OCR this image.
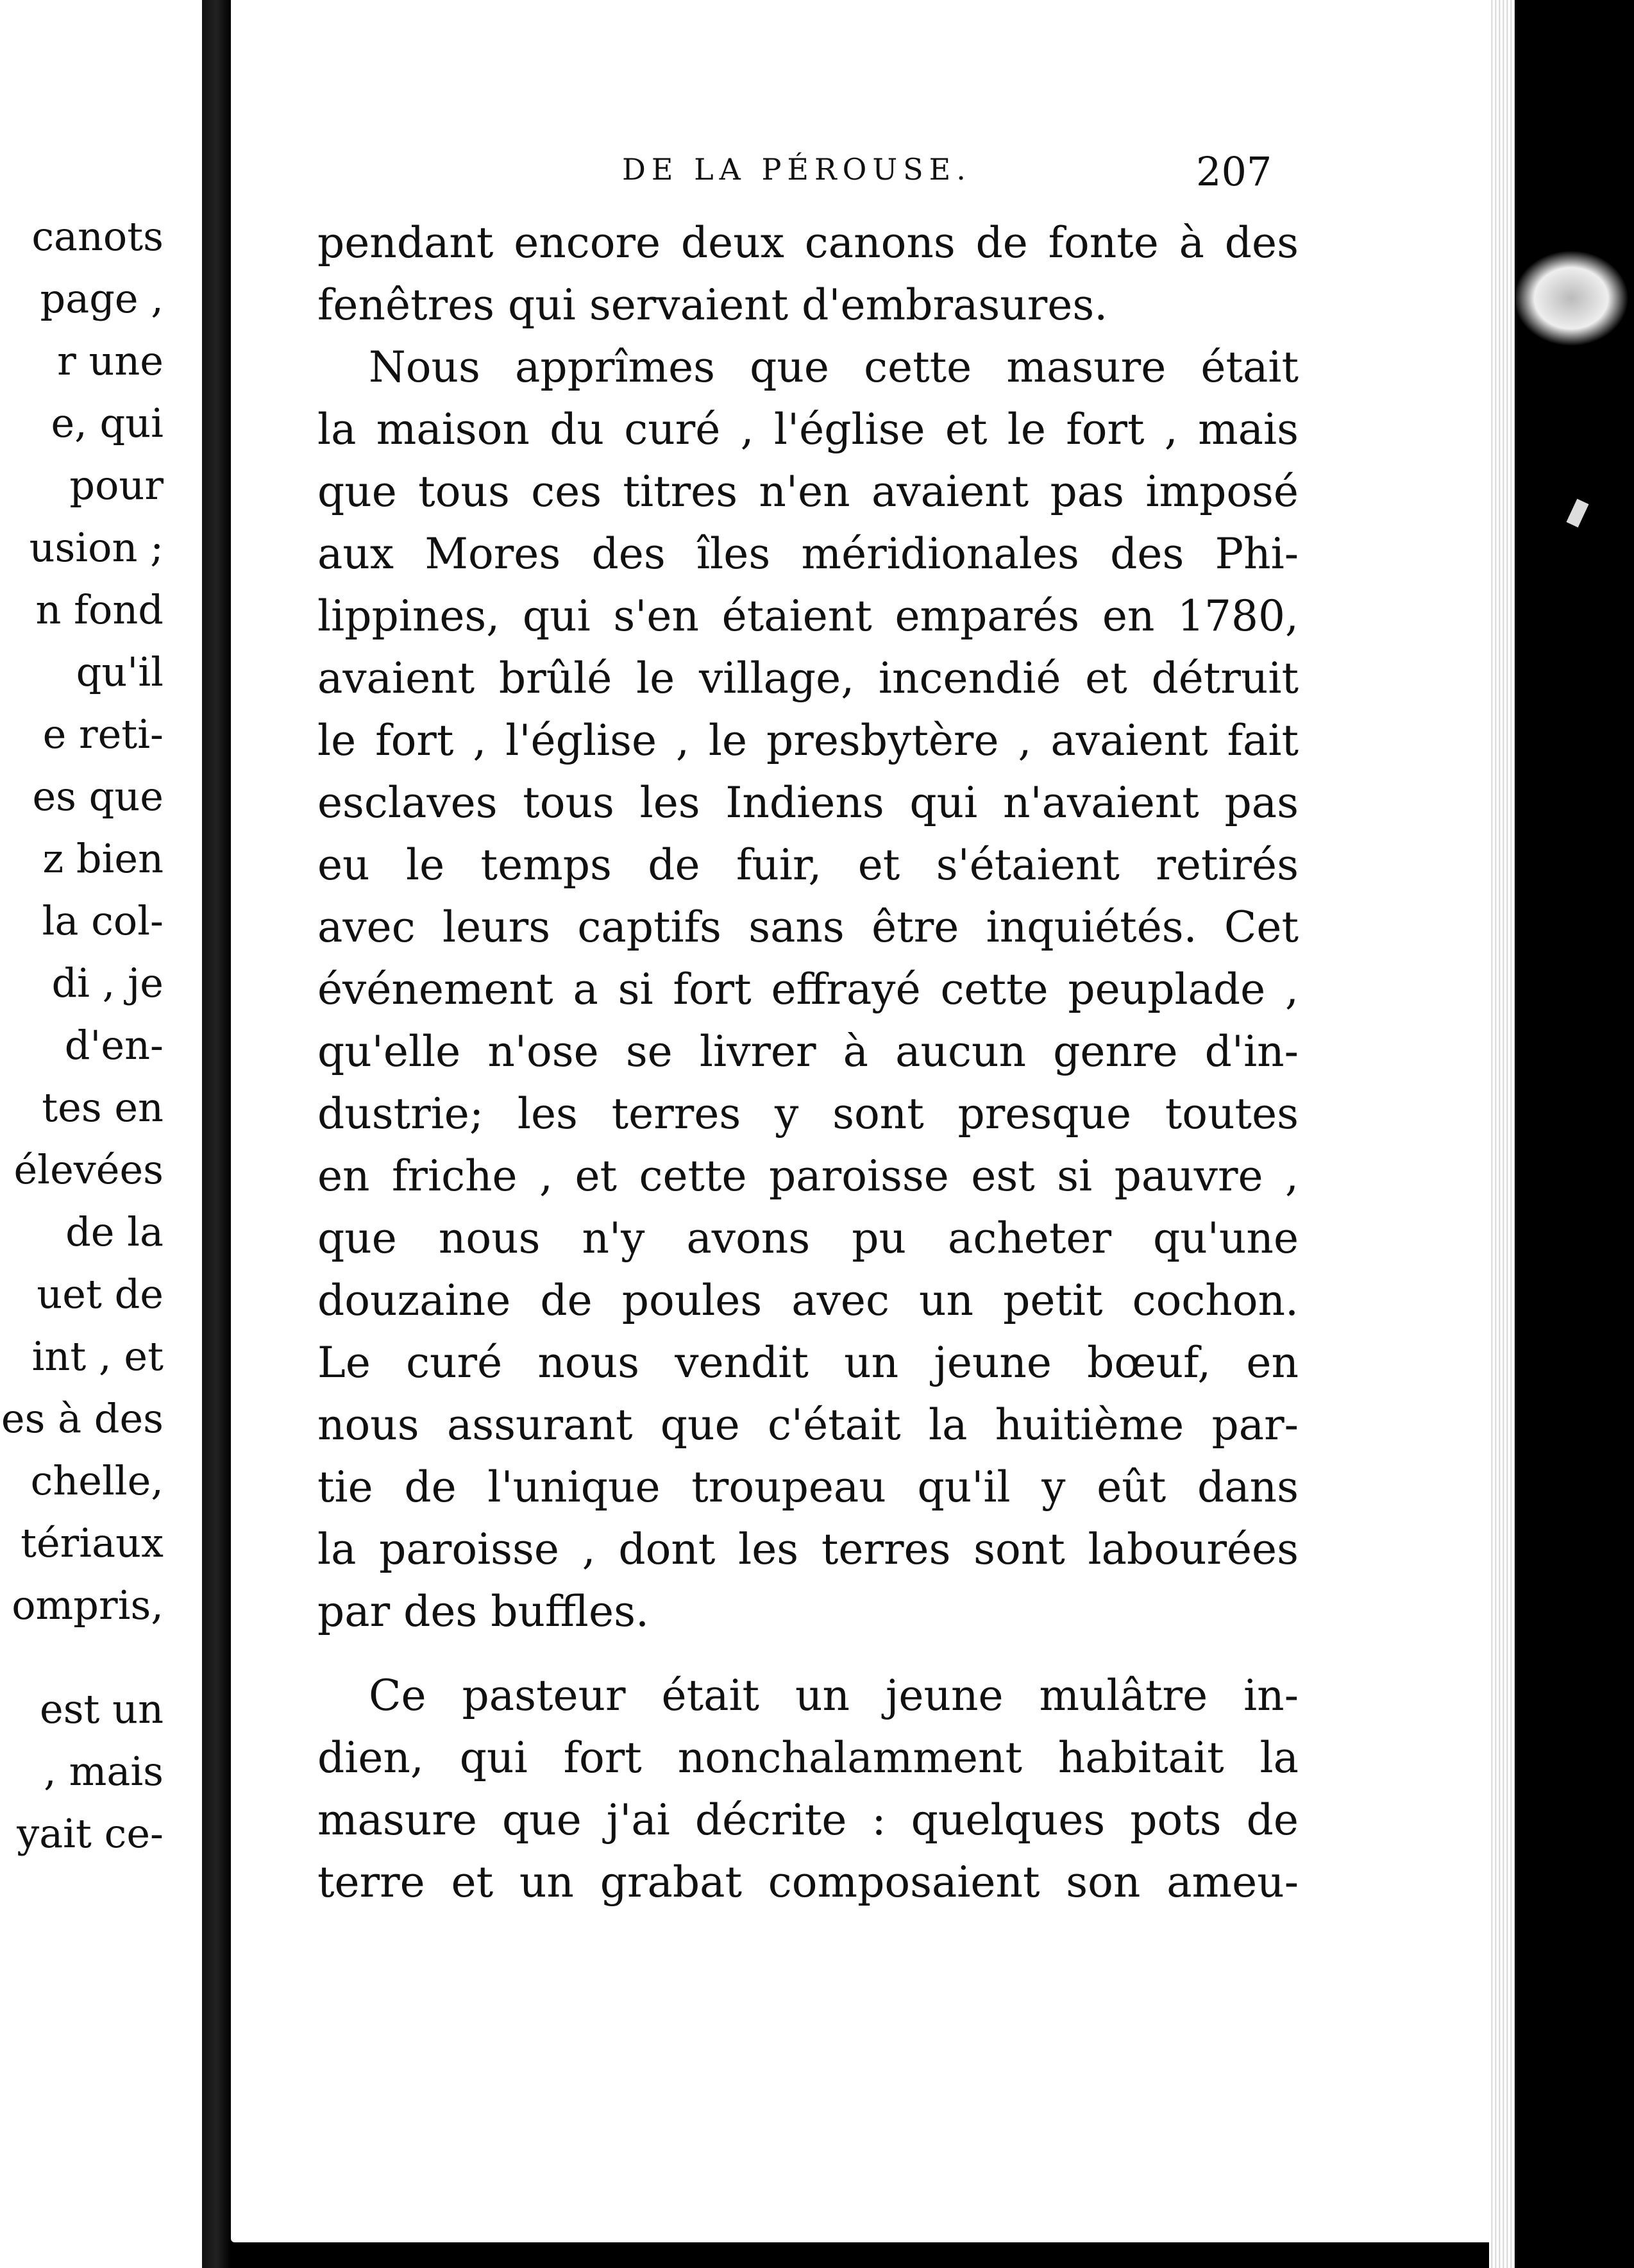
canots
page ,
r une
e, qui
pour
usion ;
n fond
qu'il
e reti-
es que
z bien
la col-
di , je
d'en-
tes en
élevées
de la
uet de
int , et
es à des
chelle,
tériaux
ompris,
est un
, mais
yait ce-
DE LA PÉROUSE.	207
pendant encore deux canons de fonte à des
fenêtres qui servaient d'embrasures.
Nous apprîmes que cette masure était
la maison du curé , l'église et le fort , mais
que tous ces titres n'en avaient pas imposé
aux Mores des îles méridionales des Phi-
lippines, qui s'en étaient emparés en 1780,
avaient brûlé le village, incendié et détruit
le fort , l'église , le presbytère , avaient fait
esclaves tous les Indiens qui n'avaient pas
eu le temps de fuir, et s'étaient retirés
avec leurs captifs sans être inquiétés. Cet
événement a si fort effrayé cette peuplade ,
qu'elle n'ose se livrer à aucun genre d'in-
dustrie; les terres y sont presque toutes
en friche , et cette paroisse est si pauvre ,
que nous n'y avons pu acheter qu'une
douzaine de poules avec un petit cochon.
Le curé nous vendit un jeune bœuf, en
nous assurant que c'était la huitième par-
tie de l'unique troupeau qu'il y eût dans
la paroisse , dont les terres sont labourées
par des buffles.
Ce pasteur était un jeune mulâtre in-
dien, qui fort nonchalamment habitait la
masure que j'ai décrite : quelques pots de
terre et un grabat composaient son ameu-
